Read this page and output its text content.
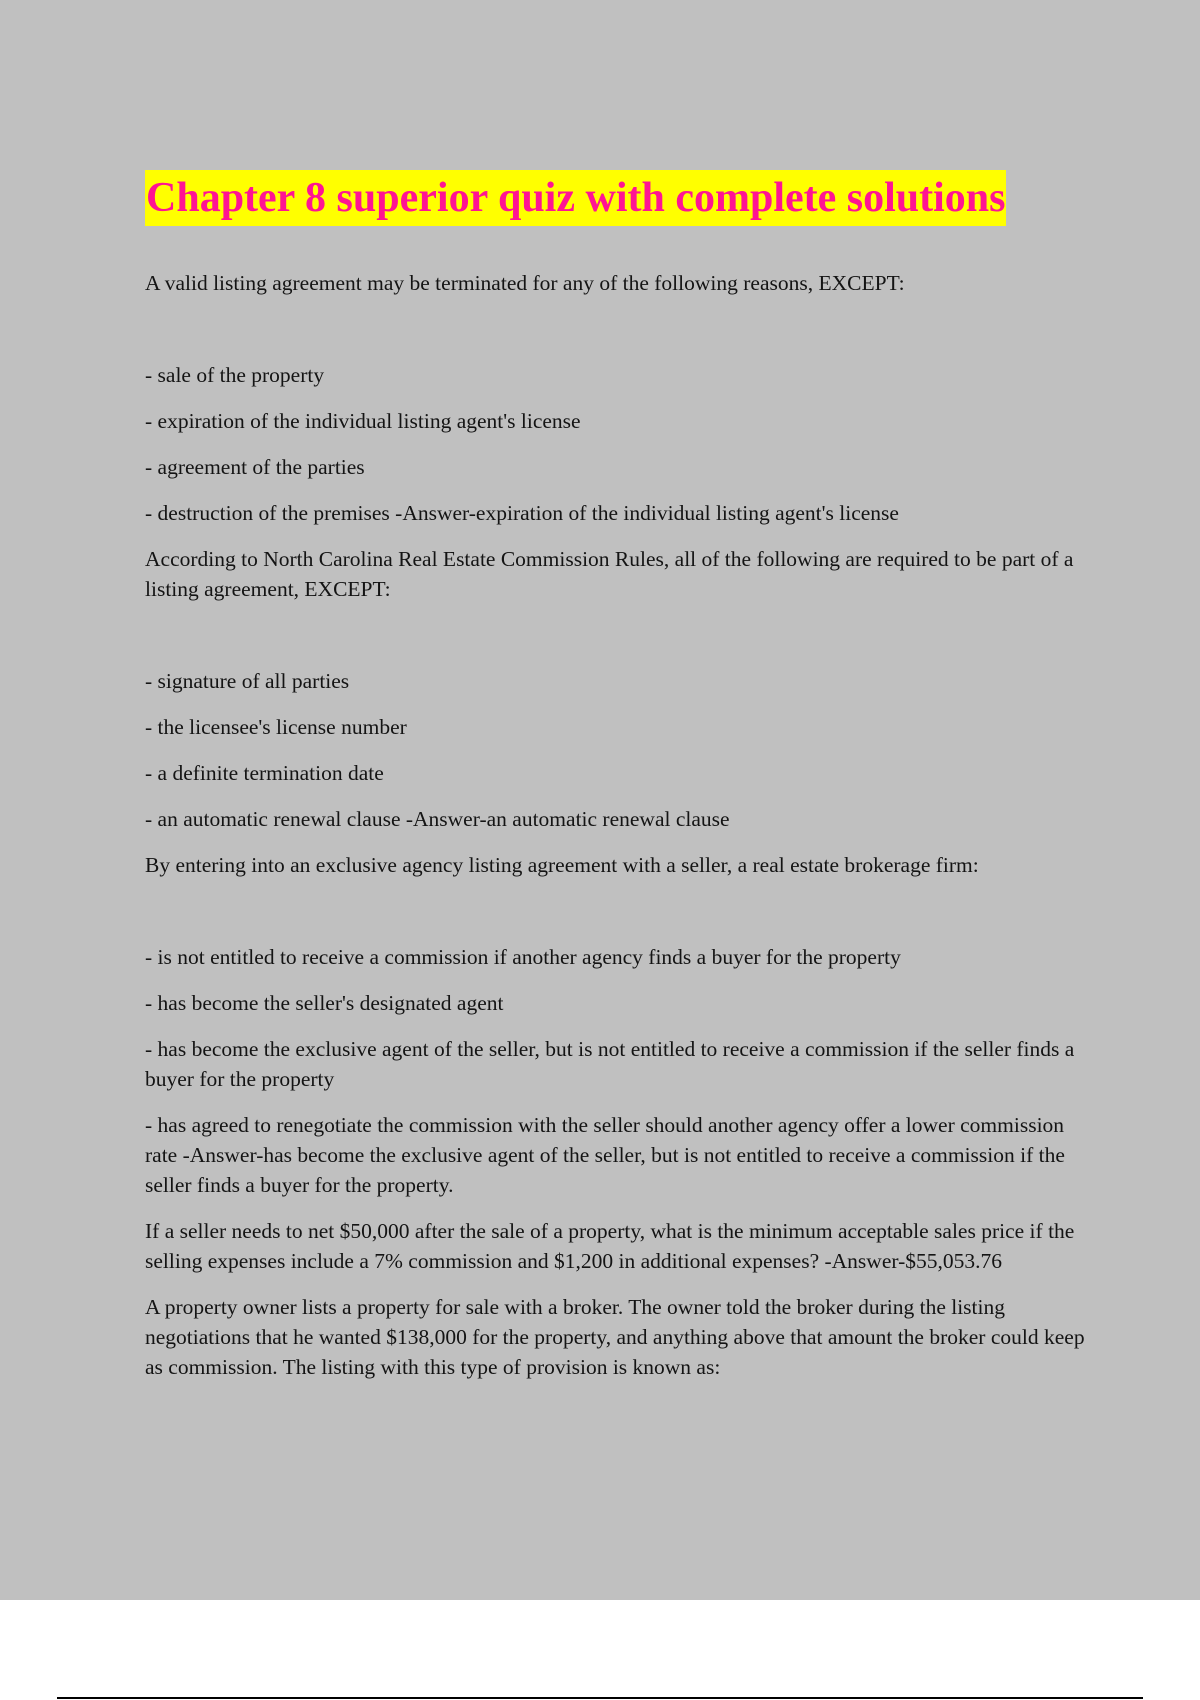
Chapter 8 superior quiz with complete solutions

A valid listing agreement may be terminated for any of the following reasons, EXCEPT:

- sale of the property

- expiration of the individual listing agent's license

- agreement of the parties

- destruction of the premises -Answer-expiration of the individual listing agent's license

According to North Carolina Real Estate Commission Rules, all of the following are required to be part of a listing agreement, EXCEPT:

- signature of all parties

- the licensee's license number

- a definite termination date

- an automatic renewal clause -Answer-an automatic renewal clause

By entering into an exclusive agency listing agreement with a seller, a real estate brokerage firm:

- is not entitled to receive a commission if another agency finds a buyer for the property

- has become the seller's designated agent

- has become the exclusive agent of the seller, but is not entitled to receive a commission if the seller finds a buyer for the property

- has agreed to renegotiate the commission with the seller should another agency offer a lower commission rate -Answer-has become the exclusive agent of the seller, but is not entitled to receive a commission if the seller finds a buyer for the property.

If a seller needs to net $50,000 after the sale of a property, what is the minimum acceptable sales price if the selling expenses include a 7% commission and $1,200 in additional expenses? -Answer-$55,053.76

A property owner lists a property for sale with a broker. The owner told the broker during the listing negotiations that he wanted $138,000 for the property, and anything above that amount the broker could keep as commission. The listing with this type of provision is known as:
